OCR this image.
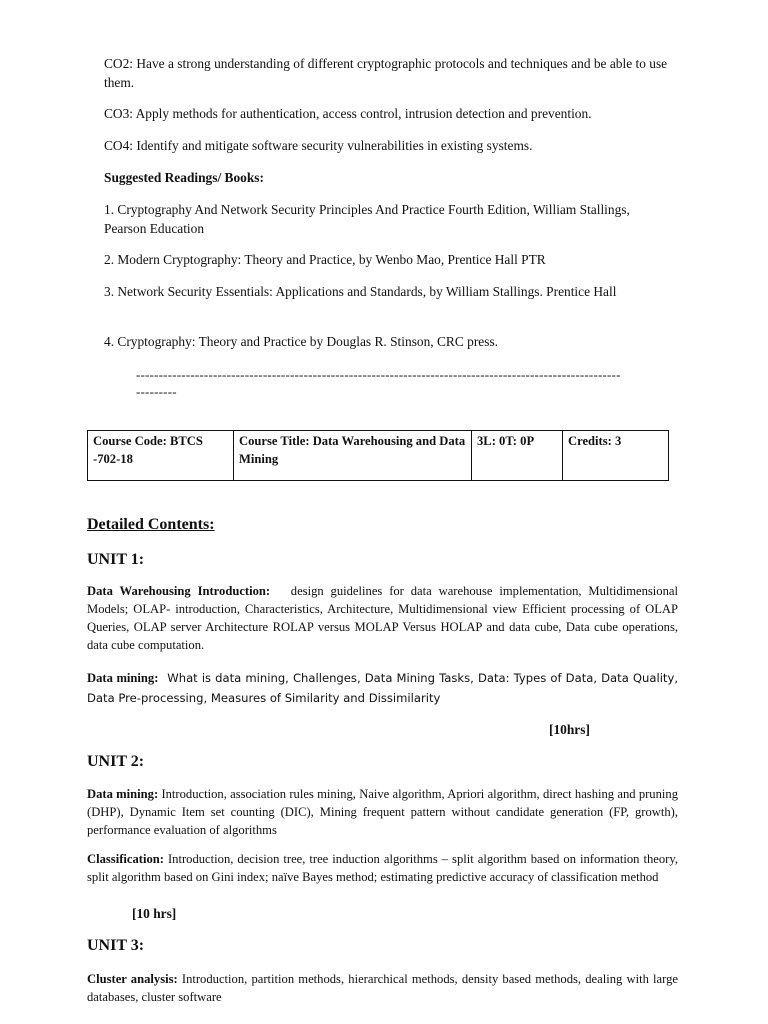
CO2: Have a strong understanding of different cryptographic protocols and techniques and be able to use them.

CO3: Apply methods for authentication, access control, intrusion detection and prevention.

CO4: Identify and mitigate software security vulnerabilities in existing systems.

Suggested Readings/ Books:

1. Cryptography And Network Security Principles And Practice Fourth Edition, William Stallings, Pearson Education

2. Modern Cryptography: Theory and Practice, by Wenbo Mao, Prentice Hall PTR

3. Network Security Essentials: Applications and Standards, by William Stallings. Prentice Hall

4. Cryptography: Theory and Practice by Douglas R. Stinson, CRC press.

-----------------------------------------------------------------------------------------------------------
---------
Course Code: BTCS -702-18	Course Title: Data Warehousing and Data Mining	3L: 0T: 0P	Credits: 3
Detailed Contents:
UNIT 1:

Data Warehousing Introduction: design guidelines for data warehouse implementation, Multidimensional Models; OLAP- introduction, Characteristics, Architecture, Multidimensional view Efficient processing of OLAP Queries, OLAP server Architecture ROLAP versus MOLAP Versus HOLAP and data cube, Data cube operations, data cube computation.

Data mining: What is data mining, Challenges, Data Mining Tasks, Data: Types of Data, Data Quality, Data Pre-processing, Measures of Similarity and Dissimilarity

[10hrs]
UNIT 2:

Data mining: Introduction, association rules mining, Naive algorithm, Apriori algorithm, direct hashing and pruning (DHP), Dynamic Item set counting (DIC), Mining frequent pattern without candidate generation (FP, growth), performance evaluation of algorithms

Classification: Introduction, decision tree, tree induction algorithms – split algorithm based on information theory, split algorithm based on Gini index; naïve Bayes method; estimating predictive accuracy of classification method

[10 hrs]
UNIT 3:

Cluster analysis: Introduction, partition methods, hierarchical methods, density based methods, dealing with large databases, cluster software
